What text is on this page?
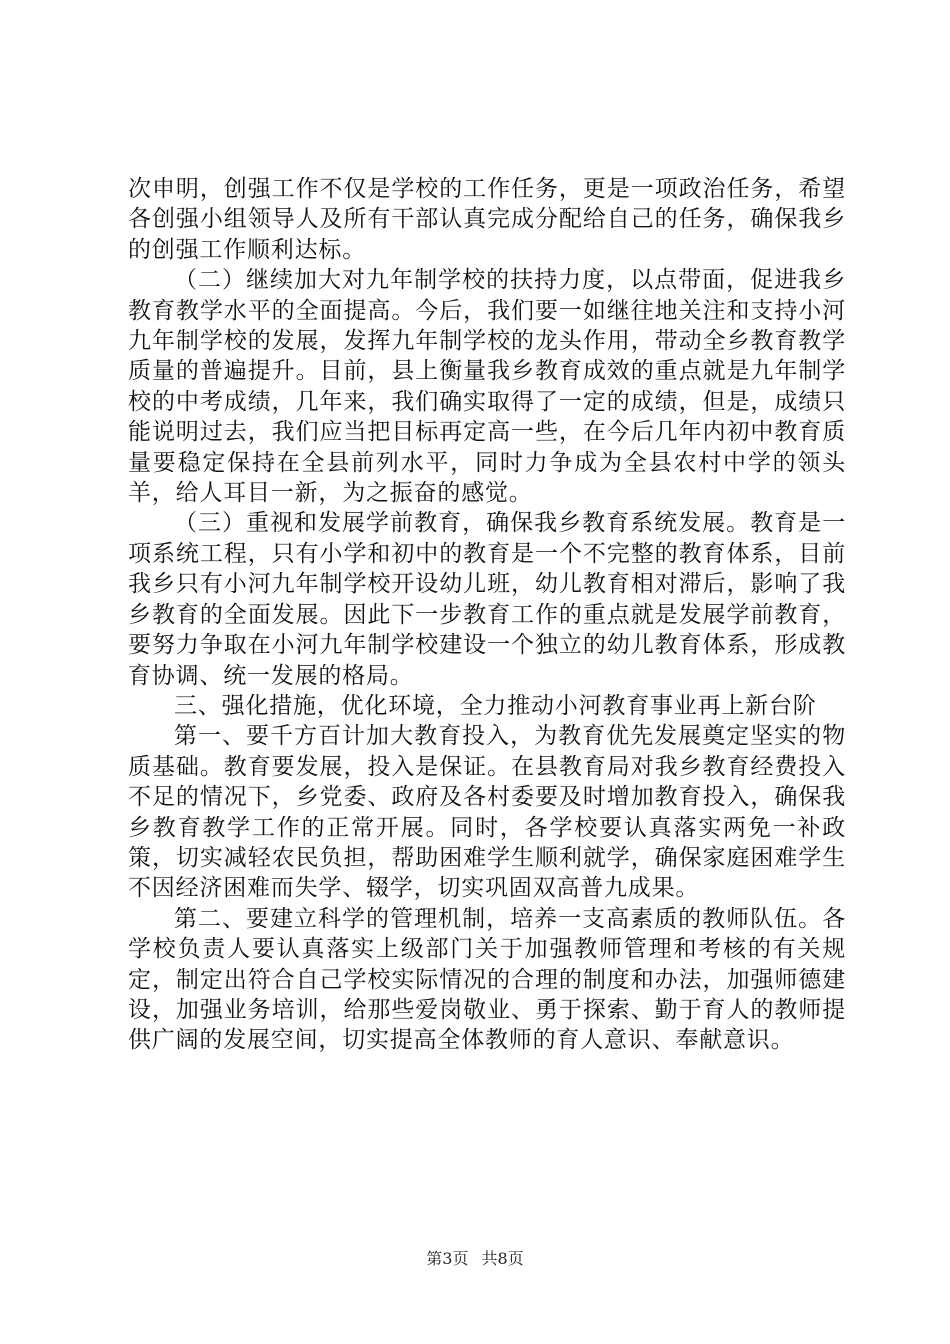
次申明，创强工作不仅是学校的工作任务，更是一项政治任务，希望各创强小组领导人及所有干部认真完成分配给自己的任务，确保我乡的创强工作顺利达标。

（二）继续加大对九年制学校的扶持力度，以点带面，促进我乡教育教学水平的全面提高。今后，我们要一如继往地关注和支持小河九年制学校的发展，发挥九年制学校的龙头作用，带动全乡教育教学质量的普遍提升。目前，县上衡量我乡教育成效的重点就是九年制学校的中考成绩，几年来，我们确实取得了一定的成绩，但是，成绩只能说明过去，我们应当把目标再定高一些，在今后几年内初中教育质量要稳定保持在全县前列水平，同时力争成为全县农村中学的领头羊，给人耳目一新，为之振奋的感觉。

（三）重视和发展学前教育，确保我乡教育系统发展。教育是一项系统工程，只有小学和初中的教育是一个不完整的教育体系，目前我乡只有小河九年制学校开设幼儿班，幼儿教育相对滞后，影响了我乡教育的全面发展。因此下一步教育工作的重点就是发展学前教育，要努力争取在小河九年制学校建设一个独立的幼儿教育体系，形成教育协调、统一发展的格局。

三、强化措施，优化环境，全力推动小河教育事业再上新台阶

第一、要千方百计加大教育投入，为教育优先发展奠定坚实的物质基础。教育要发展，投入是保证。在县教育局对我乡教育经费投入不足的情况下，乡党委、政府及各村委要及时增加教育投入，确保我乡教育教学工作的正常开展。同时，各学校要认真落实两免一补政策，切实减轻农民负担，帮助困难学生顺利就学，确保家庭困难学生不因经济困难而失学、辍学，切实巩固双高普九成果。

第二、要建立科学的管理机制，培养一支高素质的教师队伍。各学校负责人要认真落实上级部门关于加强教师管理和考核的有关规定，制定出符合自己学校实际情况的合理的制度和办法，加强师德建设，加强业务培训，给那些爱岗敬业、勇于探索、勤于育人的教师提供广阔的发展空间，切实提高全体教师的育人意识、奉献意识。

第3页 共8页
